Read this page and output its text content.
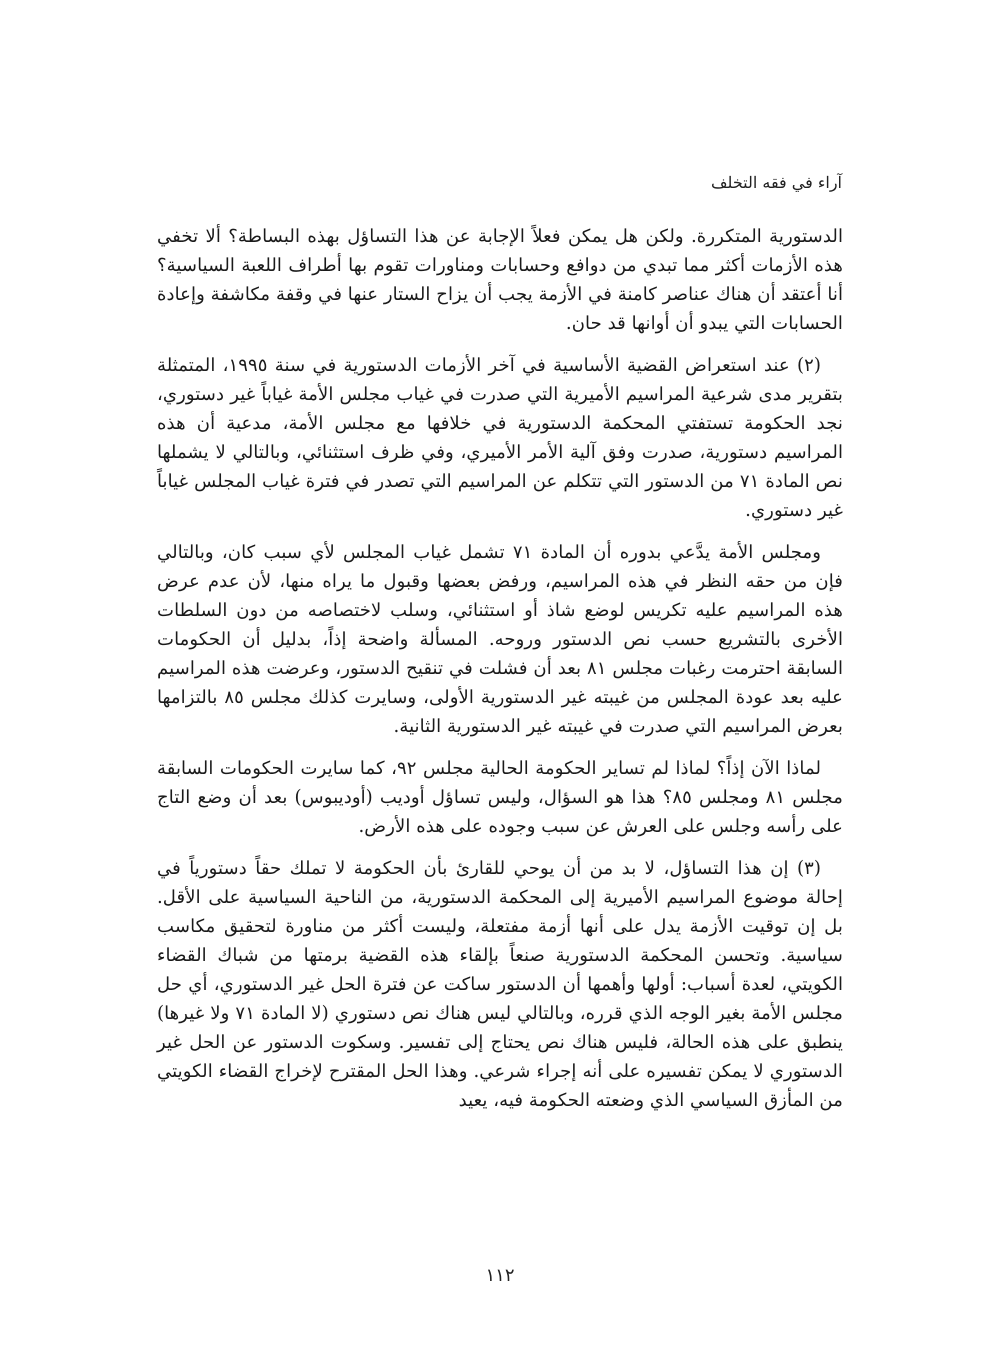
آراء في فقه التخلف

الدستورية المتكررة. ولكن هل يمكن فعلاً الإجابة عن هذا التساؤل بهذه البساطة؟ ألا تخفي هذه الأزمات أكثر مما تبدي من دوافع وحسابات ومناورات تقوم بها أطراف اللعبة السياسية؟ أنا أعتقد أن هناك عناصر كامنة في الأزمة يجب أن يزاح الستار عنها في وقفة مكاشفة وإعادة الحسابات التي يبدو أن أوانها قد حان.

(٢) عند استعراض القضية الأساسية في آخر الأزمات الدستورية في سنة ١٩٩٥، المتمثلة بتقرير مدى شرعية المراسيم الأميرية التي صدرت في غياب مجلس الأمة غياباً غير دستوري، نجد الحكومة تستفتي المحكمة الدستورية في خلافها مع مجلس الأمة، مدعية أن هذه المراسيم دستورية، صدرت وفق آلية الأمر الأميري، وفي ظرف استثنائي، وبالتالي لا يشملها نص المادة ٧١ من الدستور التي تتكلم عن المراسيم التي تصدر في فترة غياب المجلس غياباً غير دستوري.

ومجلس الأمة يدَّعي بدوره أن المادة ٧١ تشمل غياب المجلس لأي سبب كان، وبالتالي فإن من حقه النظر في هذه المراسيم، ورفض بعضها وقبول ما يراه منها، لأن عدم عرض هذه المراسيم عليه تكريس لوضع شاذ أو استثنائي، وسلب لاختصاصه من دون السلطات الأخرى بالتشريع حسب نص الدستور وروحه. المسألة واضحة إذاً، بدليل أن الحكومات السابقة احترمت رغبات مجلس ٨١ بعد أن فشلت في تنقيح الدستور، وعرضت هذه المراسيم عليه بعد عودة المجلس من غيبته غير الدستورية الأولى، وسايرت كذلك مجلس ٨٥ بالتزامها بعرض المراسيم التي صدرت في غيبته غير الدستورية الثانية.

لماذا الآن إذاً؟ لماذا لم تساير الحكومة الحالية مجلس ٩٢، كما سايرت الحكومات السابقة مجلس ٨١ ومجلس ٨٥؟ هذا هو السؤال، وليس تساؤل أوديب (أوديبوس) بعد أن وضع التاج على رأسه وجلس على العرش عن سبب وجوده على هذه الأرض.

(٣) إن هذا التساؤل، لا بد من أن يوحي للقارئ بأن الحكومة لا تملك حقاً دستورياً في إحالة موضوع المراسيم الأميرية إلى المحكمة الدستورية، من الناحية السياسية على الأقل. بل إن توقيت الأزمة يدل على أنها أزمة مفتعلة، وليست أكثر من مناورة لتحقيق مكاسب سياسية. وتحسن المحكمة الدستورية صنعاً بإلقاء هذه القضية برمتها من شباك القضاء الكويتي، لعدة أسباب: أولها وأهمها أن الدستور ساكت عن فترة الحل غير الدستوري، أي حل مجلس الأمة بغير الوجه الذي قرره، وبالتالي ليس هناك نص دستوري (لا المادة ٧١ ولا غيرها) ينطبق على هذه الحالة، فليس هناك نص يحتاج إلى تفسير. وسكوت الدستور عن الحل غير الدستوري لا يمكن تفسيره على أنه إجراء شرعي. وهذا الحل المقترح لإخراج القضاء الكويتي من المأزق السياسي الذي وضعته الحكومة فيه، يعيد

١١٢
